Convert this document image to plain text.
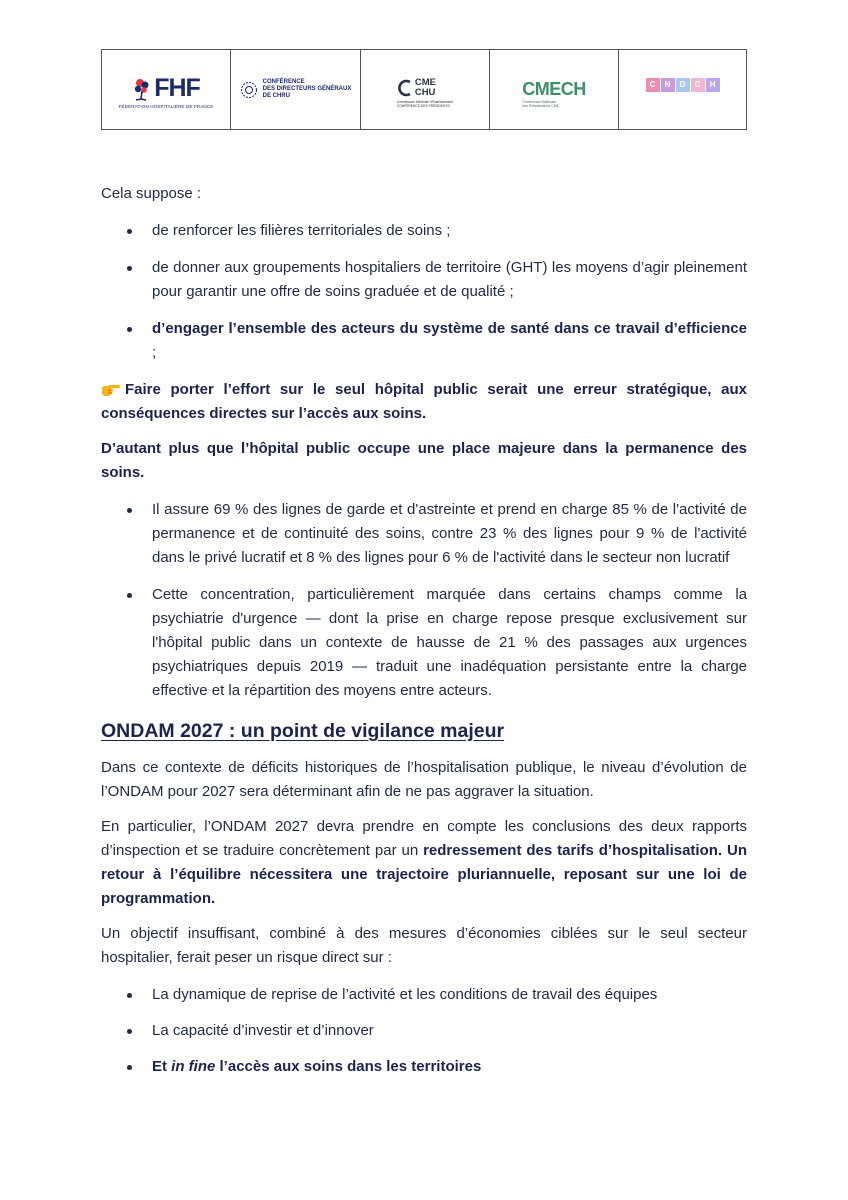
FHF
FÉDÉRATION HOSPITALIÈRE DE FRANCE
CONFÉRENCE
DES DIRECTEURS GÉNÉRAUX
DE CHRU
CME
CHU
Commission Médicale d'Établissement
CONFÉRENCE DES PRÉSIDENTS
CMECH
Conférence Nationale
des Présidents de CME
C	N	D	C	H

Cela suppose :

de renforcer les filières territoriales de soins ;
de donner aux groupements hospitaliers de territoire (GHT) les moyens d’agir pleinement pour garantir une offre de soins graduée et de qualité ;
d’engager l’ensemble des acteurs du système de santé dans ce travail d’efficience ;

Faire porter l’effort sur le seul hôpital public serait une erreur stratégique, aux conséquences directes sur l’accès aux soins.

D’autant plus que l’hôpital public occupe une place majeure dans la permanence des soins.

Il assure 69 % des lignes de garde et d'astreinte et prend en charge 85 % de l'activité de permanence et de continuité des soins, contre 23 % des lignes pour 9 % de l'activité dans le privé lucratif et 8 % des lignes pour 6 % de l'activité dans le secteur non lucratif
Cette concentration, particulièrement marquée dans certains champs comme la psychiatrie d'urgence — dont la prise en charge repose presque exclusivement sur l'hôpital public dans un contexte de hausse de 21 % des passages aux urgences psychiatriques depuis 2019 — traduit une inadéquation persistante entre la charge effective et la répartition des moyens entre acteurs.
ONDAM 2027 : un point de vigilance majeur

Dans ce contexte de déficits historiques de l’hospitalisation publique, le niveau d’évolution de l’ONDAM pour 2027 sera déterminant afin de ne pas aggraver la situation.

En particulier, l’ONDAM 2027 devra prendre en compte les conclusions des deux rapports d’inspection et se traduire concrètement par un redressement des tarifs d’hospitalisation. Un retour à l’équilibre nécessitera une trajectoire pluriannuelle, reposant sur une loi de programmation.

Un objectif insuffisant, combiné à des mesures d’économies ciblées sur le seul secteur hospitalier, ferait peser un risque direct sur :

La dynamique de reprise de l’activité et les conditions de travail des équipes
La capacité d’investir et d’innover
Et in fine l’accès aux soins dans les territoires
